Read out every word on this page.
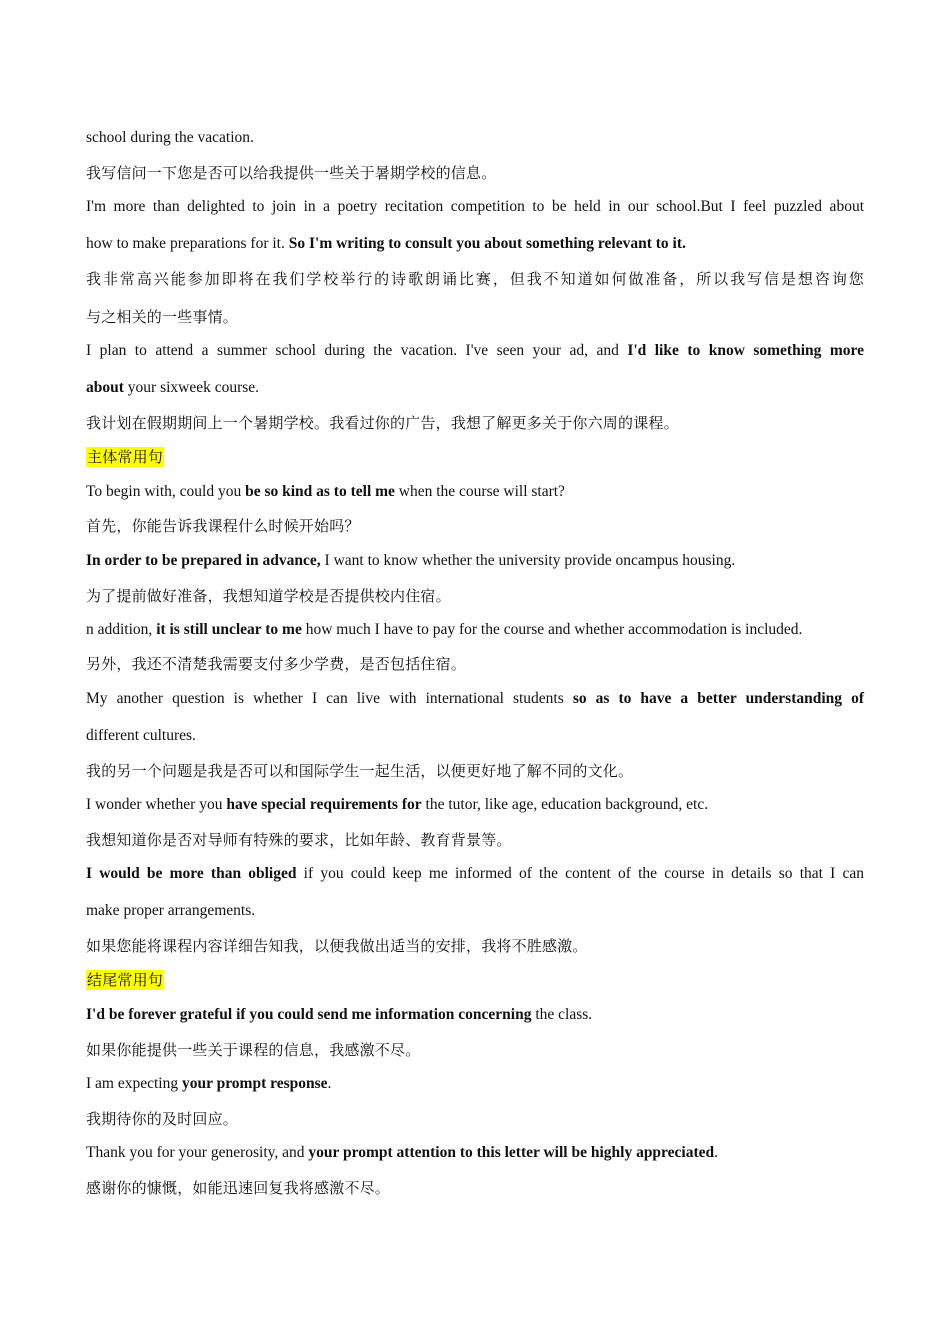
school during the vacation.
我写信问一下您是否可以给我提供一些关于暑期学校的信息。
I'm more than delighted to join in a poetry recitation competition to be held in our school.But I feel puzzled about
how to make preparations for it. So I'm writing to consult you about something relevant to it.
我非常高兴能参加即将在我们学校举行的诗歌朗诵比赛，但我不知道如何做准备，所以我写信是想咨询您
与之相关的一些事情。
I plan to attend a summer school during the vacation. I've seen your ad, and I'd like to know something more
about your sixweek course.
我计划在假期期间上一个暑期学校。我看过你的广告，我想了解更多关于你六周的课程。
主体常用句
To begin with, could you be so kind as to tell me when the course will start?
首先，你能告诉我课程什么时候开始吗？
In order to be prepared in advance, I want to know whether the university provide oncampus housing.
为了提前做好准备，我想知道学校是否提供校内住宿。
n addition, it is still unclear to me how much I have to pay for the course and whether accommodation is included.
另外，我还不清楚我需要支付多少学费，是否包括住宿。
My another question is whether I can live with international students so as to have a better understanding of
different cultures.
我的另一个问题是我是否可以和国际学生一起生活，以便更好地了解不同的文化。
I wonder whether you have special requirements for the tutor, like age, education background, etc.
我想知道你是否对导师有特殊的要求，比如年龄、教育背景等。
I would be more than obliged if you could keep me informed of the content of the course in details so that I can
make proper arrangements.
如果您能将课程内容详细告知我，以便我做出适当的安排，我将不胜感激。
结尾常用句
I'd be forever grateful if you could send me information concerning the class.
如果你能提供一些关于课程的信息，我感激不尽。
I am expecting your prompt response.
我期待你的及时回应。
Thank you for your generosity, and your prompt attention to this letter will be highly appreciated.
感谢你的慷慨，如能迅速回复我将感激不尽。
